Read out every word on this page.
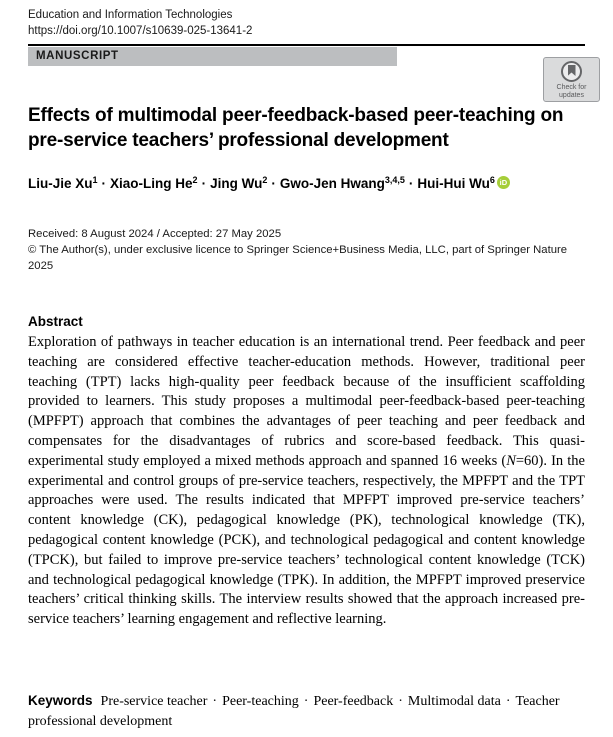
Education and Information Technologies
https://doi.org/10.1007/s10639-025-13641-2
MANUSCRIPT
Check for
updates
Effects of multimodal peer-feedback-based peer-teaching on pre-service teachers’ professional development
Liu-Jie $Xu^1$ · Xiao-Ling $He^2$ · Jing $Wu^2 \cdot Gwo-Jen$ Hwang$^{3,4,5}$ · Hui-Hui Wu$^6$ iD
Received: 8 August 2024 / Accepted: 27 May 2025
© The Author(s), under exclusive licence to Springer Science+Business Media, LLC, part of Springer Nature 2025
Abstract
Exploration of pathways in teacher education is an international trend. Peer feedback and peer teaching are considered effective teacher-education methods. However, traditional peer teaching (TPT) lacks high-quality peer feedback because of the insufficient scaffolding provided to learners. This study proposes a multimodal peer-feedback-based peer-teaching (MPFPT) approach that combines the advantages of peer teaching and peer feedback and compensates for the disadvantages of rubrics and score-based feedback. This quasi-experimental study employed a mixed methods approach and spanned 16 weeks (N=60). In the experimental and control groups of pre-service teachers, respectively, the MPFPT and the TPT approaches were used. The results indicated that MPFPT improved pre-service teachers’ content knowledge (CK), pedagogical knowledge (PK), technological knowledge (TK), pedagogical content knowledge (PCK), and technological pedagogical and content knowledge (TPCK), but failed to improve pre-service teachers’ technological content knowledge (TCK) and technological pedagogical knowledge (TPK). In addition, the MPFPT improved preservice teachers’ critical thinking skills. The interview results showed that the approach increased pre-service teachers’ learning engagement and reflective learning.
Keywords Pre-service teacher · Peer-teaching · Peer-feedback · Multimodal data · Teacher professional development
